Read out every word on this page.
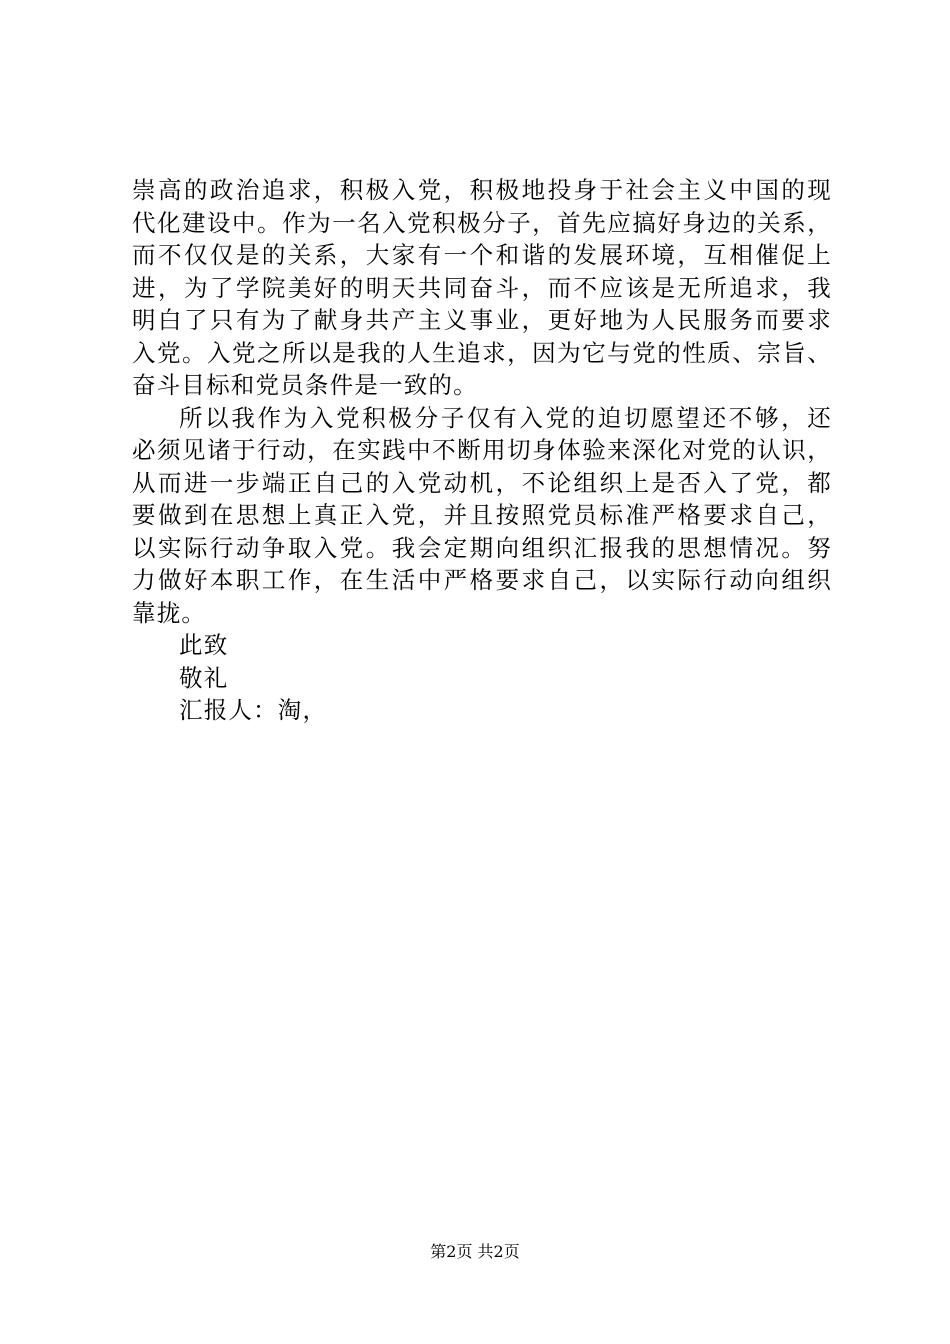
崇高的政治追求，积极入党，积极地投身于社会主义中国的现
代化建设中。作为一名入党积极分子，首先应搞好身边的关系，
而不仅仅是的关系，大家有一个和谐的发展环境，互相催促上
进，为了学院美好的明天共同奋斗，而不应该是无所追求，我
明白了只有为了献身共产主义事业，更好地为人民服务而要求
入党。入党之所以是我的人生追求，因为它与党的性质、宗旨、
奋斗目标和党员条件是一致的。
所以我作为入党积极分子仅有入党的迫切愿望还不够，还
必须见诸于行动，在实践中不断用切身体验来深化对党的认识，
从而进一步端正自己的入党动机，不论组织上是否入了党，都
要做到在思想上真正入党，并且按照党员标准严格要求自己，
以实际行动争取入党。我会定期向组织汇报我的思想情况。努
力做好本职工作，在生活中严格要求自己，以实际行动向组织
靠拢。
此致
敬礼
汇报人：淘，
第2页 共2页
